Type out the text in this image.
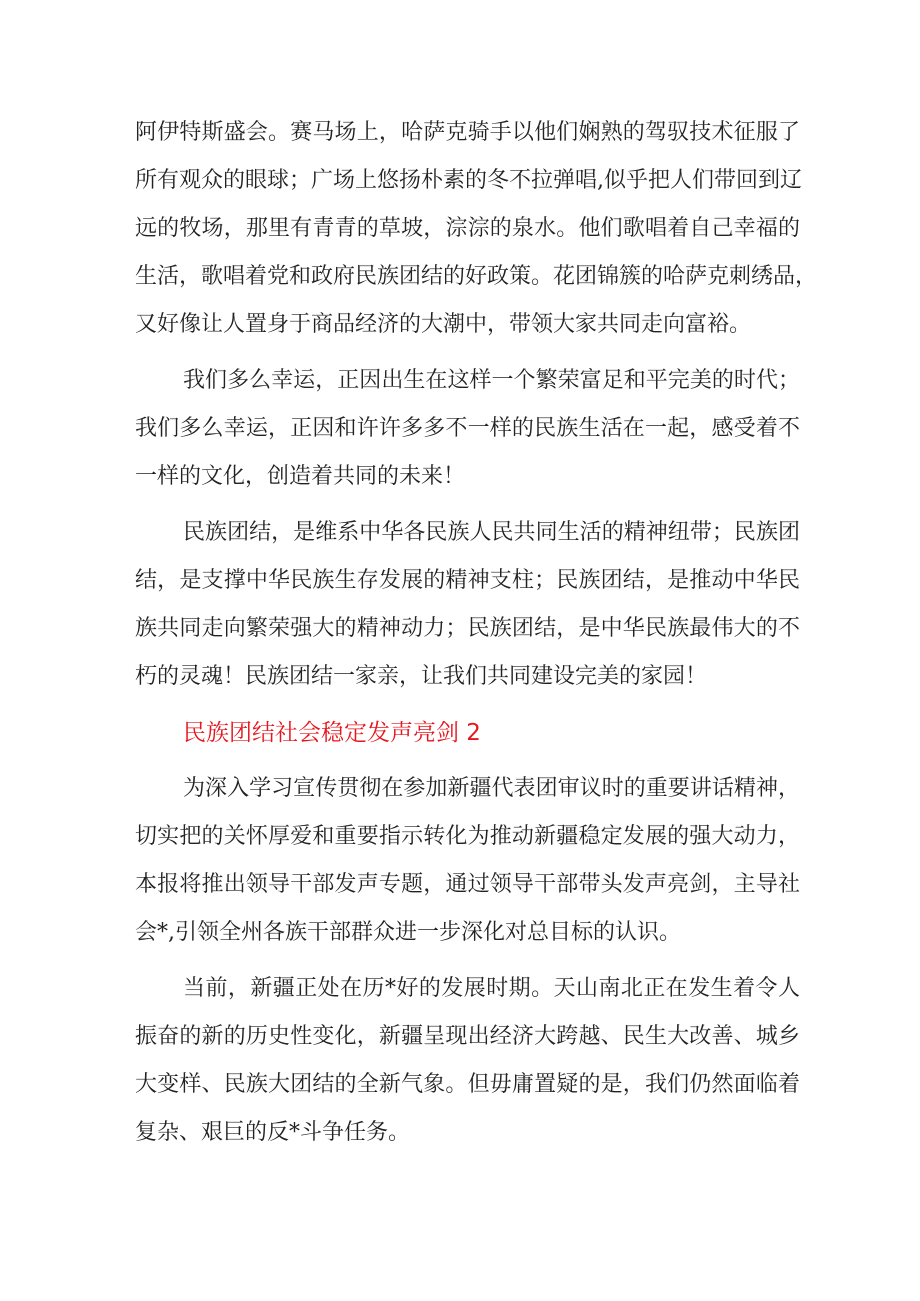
阿伊特斯盛会。赛马场上，哈萨克骑手以他们娴熟的驾驭技术征服了
所有观众的眼球；广场上悠扬朴素的冬不拉弹唱,似乎把人们带回到辽
远的牧场，那里有青青的草坡，淙淙的泉水。他们歌唱着自己幸福的
生活，歌唱着党和政府民族团结的好政策。花团锦簇的哈萨克刺绣品，
又好像让人置身于商品经济的大潮中，带领大家共同走向富裕。
我们多么幸运，正因出生在这样一个繁荣富足和平完美的时代；
我们多么幸运，正因和许许多多不一样的民族生活在一起，感受着不
一样的文化，创造着共同的未来！
民族团结，是维系中华各民族人民共同生活的精神纽带；民族团
结，是支撑中华民族生存发展的精神支柱；民族团结，是推动中华民
族共同走向繁荣强大的精神动力；民族团结，是中华民族最伟大的不
朽的灵魂！民族团结一家亲，让我们共同建设完美的家园！
民族团结社会稳定发声亮剑 2
为深入学习宣传贯彻在参加新疆代表团审议时的重要讲话精神，
切实把的关怀厚爱和重要指示转化为推动新疆稳定发展的强大动力，
本报将推出领导干部发声专题，通过领导干部带头发声亮剑，主导社
会*,引领全州各族干部群众进一步深化对总目标的认识。
当前，新疆正处在历*好的发展时期。天山南北正在发生着令人
振奋的新的历史性变化，新疆呈现出经济大跨越、民生大改善、城乡
大变样、民族大团结的全新气象。但毋庸置疑的是，我们仍然面临着
复杂、艰巨的反*斗争任务。
